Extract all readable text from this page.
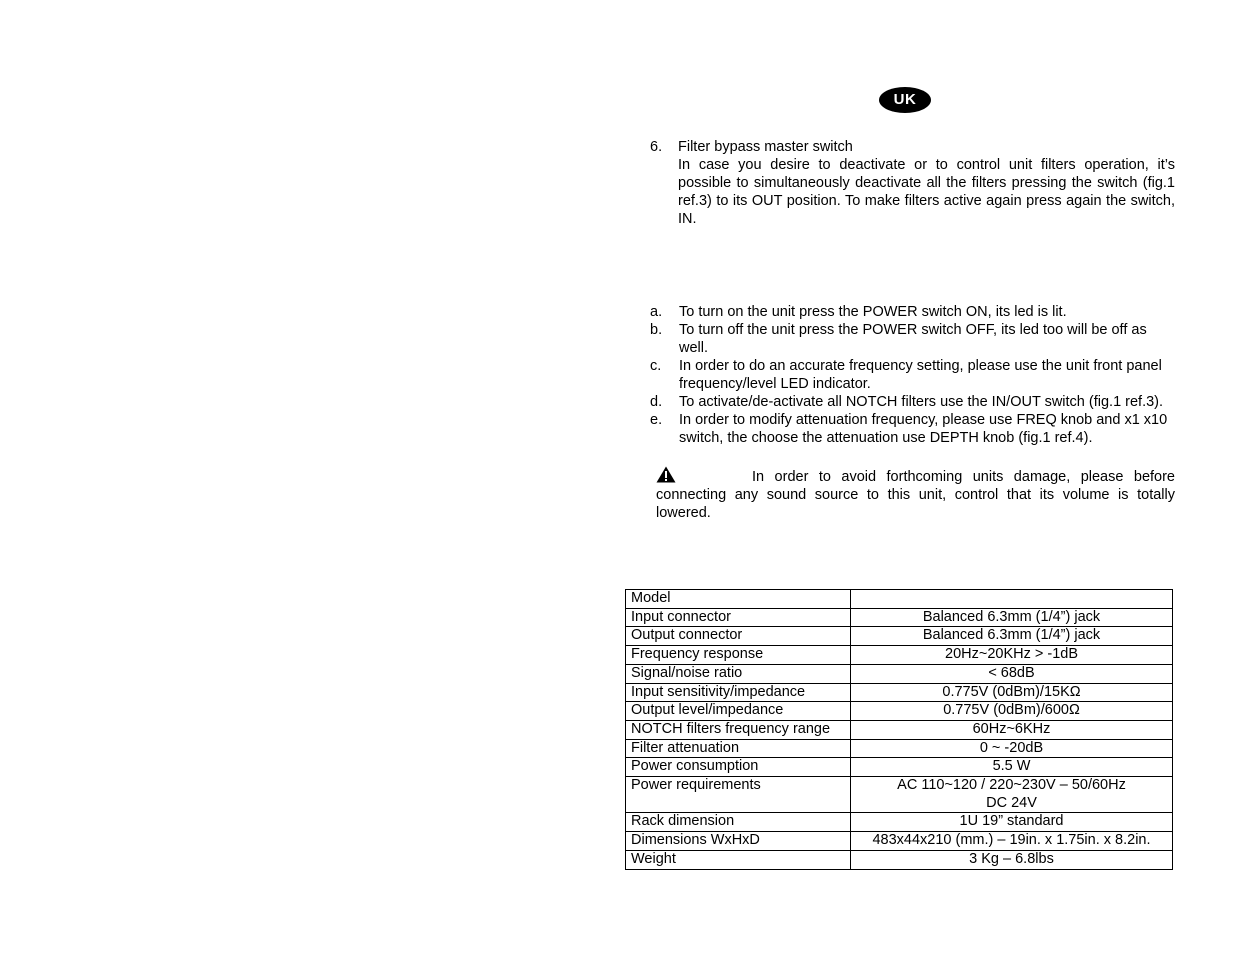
UK
6.	Filter bypass master switch
In case you desire to deactivate or to control unit filters operation, it’s possible to simultaneously deactivate all the filters pressing the switch (fig.1 ref.3) to its OUT position. To make filters active again press again the switch, IN.
a.	To turn on the unit press the POWER switch ON, its led is lit.
b.	To turn off the unit press the POWER switch OFF, its led too will be off as well.
c.	In order to do an accurate frequency setting, please use the unit front panel frequency/level LED indicator.
d.	To activate/de-activate all NOTCH filters use the IN/OUT switch (fig.1 ref.3).
e.	In order to modify attenuation frequency, please use FREQ knob and x1 x10 switch, the choose the attenuation use DEPTH knob (fig.1 ref.4).
In order to avoid forthcoming units damage, please before connecting any sound source to this unit, control that its volume is totally lowered.
Model	
Input connector	Balanced 6.3mm (1/4”) jack
Output connector	Balanced 6.3mm (1/4”) jack
Frequency response	20Hz~20KHz > -1dB
Signal/noise ratio	< 68dB
Input sensitivity/impedance	0.775V (0dBm)/15KΩ
Output level/impedance	0.775V (0dBm)/600Ω
NOTCH filters frequency range	60Hz~6KHz
Filter attenuation	0 ~ -20dB
Power consumption	5.5 W
Power requirements	AC 110~120 / 220~230V – 50/60Hz
DC 24V

Rack dimension	1U 19” standard
Dimensions WxHxD	483x44x210 (mm.) – 19in. x 1.75in. x 8.2in.
Weight	3 Kg – 6.8lbs
